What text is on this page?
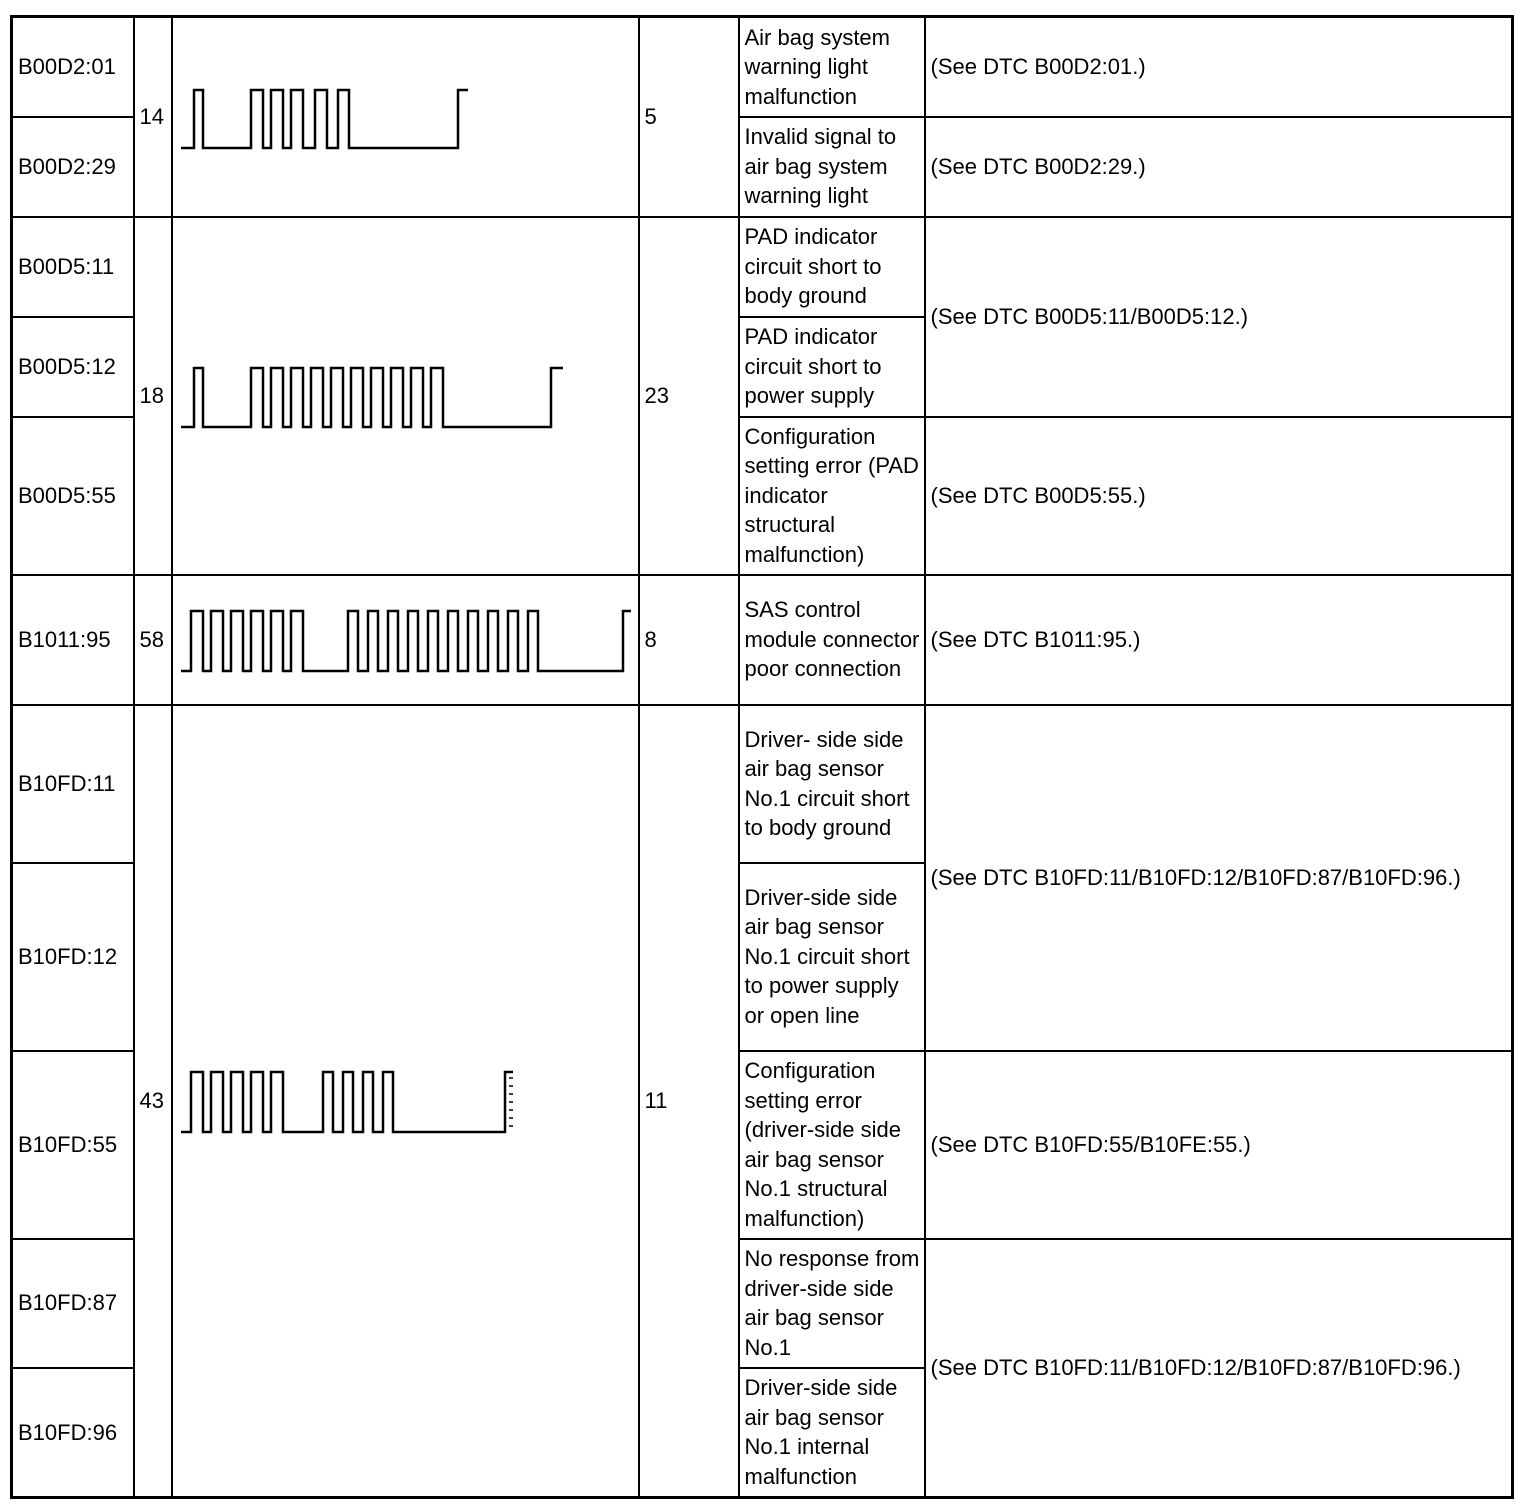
B00D2:01	14		5	Air bag system warning light malfunction	(See DTC B00D2:01.)
B00D2:29				Invalid signal to air bag system warning light	(See DTC B00D2:29.)
B00D5:11	18		23	PAD indicator circuit short to body ground	(See DTC B00D5:11/B00D5:12.)
B00D5:12				PAD indicator circuit short to power supply	
B00D5:55				Configuration setting error (PAD indicator structural malfunction)	(See DTC B00D5:55.)
B1011:95	58		8	SAS control module connector poor connection	(See DTC B1011:95.)
B10FD:11	43		11	Driver- side side air bag sensor No.1 circuit short to body ground	(See DTC B10FD:11/B10FD:12/B10FD:87/B10FD:96.)
B10FD:12				Driver-side side air bag sensor No.1 circuit short to power supply or open line	
B10FD:55				Configuration setting error (driver-side side air bag sensor No.1 structural malfunction)	(See DTC B10FD:55/B10FE:55.)
B10FD:87				No response from driver-side side air bag sensor No.1	(See DTC B10FD:11/B10FD:12/B10FD:87/B10FD:96.)
B10FD:96				Driver-side side air bag sensor No.1 internal malfunction	
